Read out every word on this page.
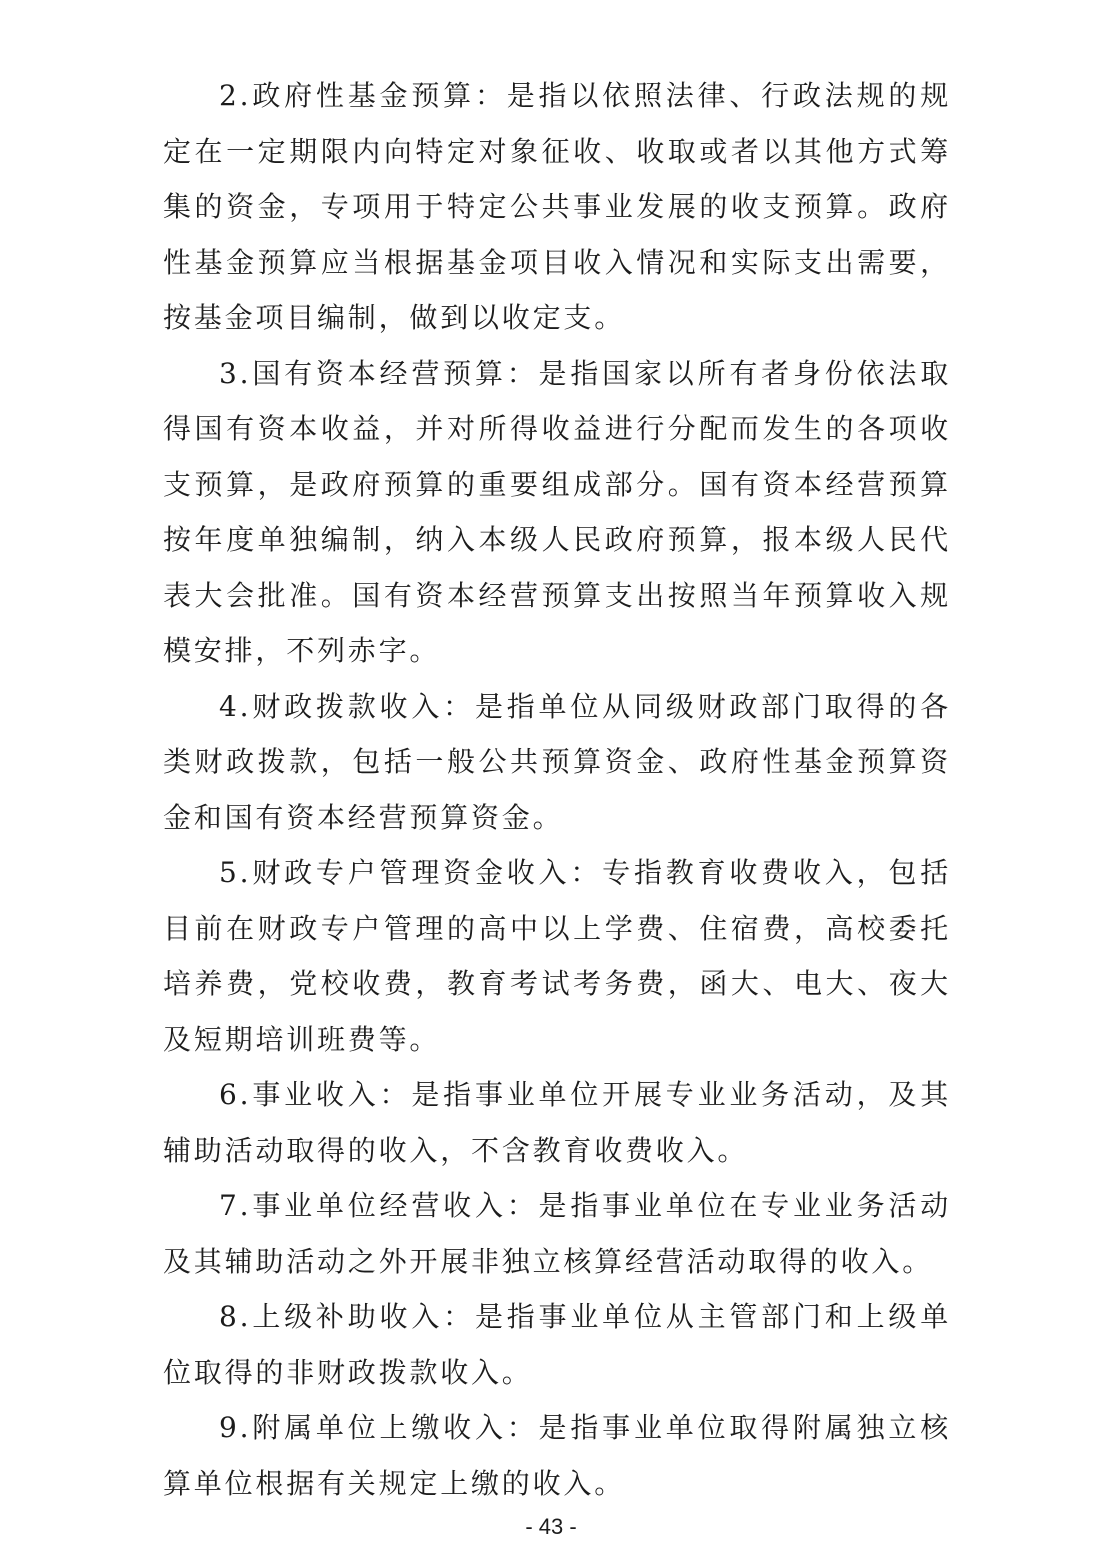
2.政府性基金预算：是指以依照法律、行政法规的规定在一定期限内向特定对象征收、收取或者以其他方式筹集的资金，专项用于特定公共事业发展的收支预算。政府性基金预算应当根据基金项目收入情况和实际支出需要，按基金项目编制，做到以收定支。

3.国有资本经营预算：是指国家以所有者身份依法取得国有资本收益，并对所得收益进行分配而发生的各项收支预算，是政府预算的重要组成部分。国有资本经营预算按年度单独编制，纳入本级人民政府预算，报本级人民代表大会批准。国有资本经营预算支出按照当年预算收入规模安排，不列赤字。

4.财政拨款收入：是指单位从同级财政部门取得的各类财政拨款，包括一般公共预算资金、政府性基金预算资金和国有资本经营预算资金。

5.财政专户管理资金收入：专指教育收费收入，包括目前在财政专户管理的高中以上学费、住宿费，高校委托培养费，党校收费，教育考试考务费，函大、电大、夜大及短期培训班费等。

6.事业收入：是指事业单位开展专业业务活动，及其辅助活动取得的收入，不含教育收费收入。

7.事业单位经营收入：是指事业单位在专业业务活动及其辅助活动之外开展非独立核算经营活动取得的收入。

8.上级补助收入：是指事业单位从主管部门和上级单位取得的非财政拨款收入。

9.附属单位上缴收入：是指事业单位取得附属独立核算单位根据有关规定上缴的收入。

- 43 -
